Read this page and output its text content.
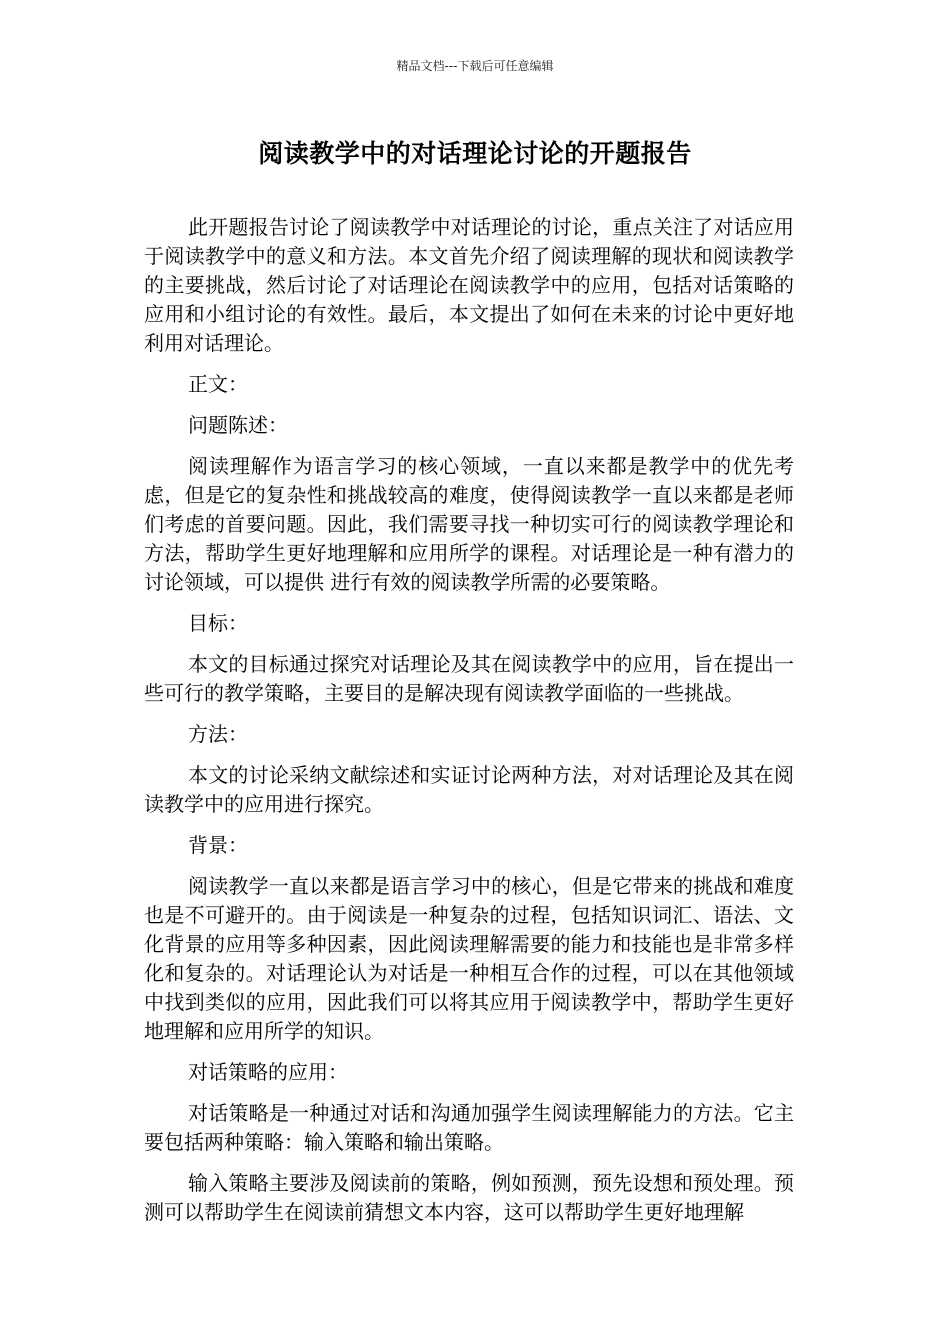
精品文档---下载后可任意编辑
阅读教学中的对话理论讨论的开题报告

此开题报告讨论了阅读教学中对话理论的讨论，重点关注了对话应用于阅读教学中的意义和方法。本文首先介绍了阅读理解的现状和阅读教学的主要挑战，然后讨论了对话理论在阅读教学中的应用，包括对话策略的应用和小组讨论的有效性。最后，本文提出了如何在未来的讨论中更好地利用对话理论。

正文：

问题陈述：

阅读理解作为语言学习的核心领域，一直以来都是教学中的优先考虑，但是它的复杂性和挑战较高的难度，使得阅读教学一直以来都是老师们考虑的首要问题。因此，我们需要寻找一种切实可行的阅读教学理论和方法，帮助学生更好地理解和应用所学的课程。对话理论是一种有潜力的讨论领域，可以提供 进行有效的阅读教学所需的必要策略。

目标：

本文的目标通过探究对话理论及其在阅读教学中的应用，旨在提出一些可行的教学策略，主要目的是解决现有阅读教学面临的一些挑战。

方法：

本文的讨论采纳文献综述和实证讨论两种方法，对对话理论及其在阅读教学中的应用进行探究。

背景：

阅读教学一直以来都是语言学习中的核心，但是它带来的挑战和难度也是不可避开的。由于阅读是一种复杂的过程，包括知识词汇、语法、文化背景的应用等多种因素，因此阅读理解需要的能力和技能也是非常多样化和复杂的。对话理论认为对话是一种相互合作的过程，可以在其他领域中找到类似的应用，因此我们可以将其应用于阅读教学中，帮助学生更好地理解和应用所学的知识。

对话策略的应用：

对话策略是一种通过对话和沟通加强学生阅读理解能力的方法。它主要包括两种策略：输入策略和输出策略。

输入策略主要涉及阅读前的策略，例如预测，预先设想和预处理。预测可以帮助学生在阅读前猜想文本内容，这可以帮助学生更好地理解
